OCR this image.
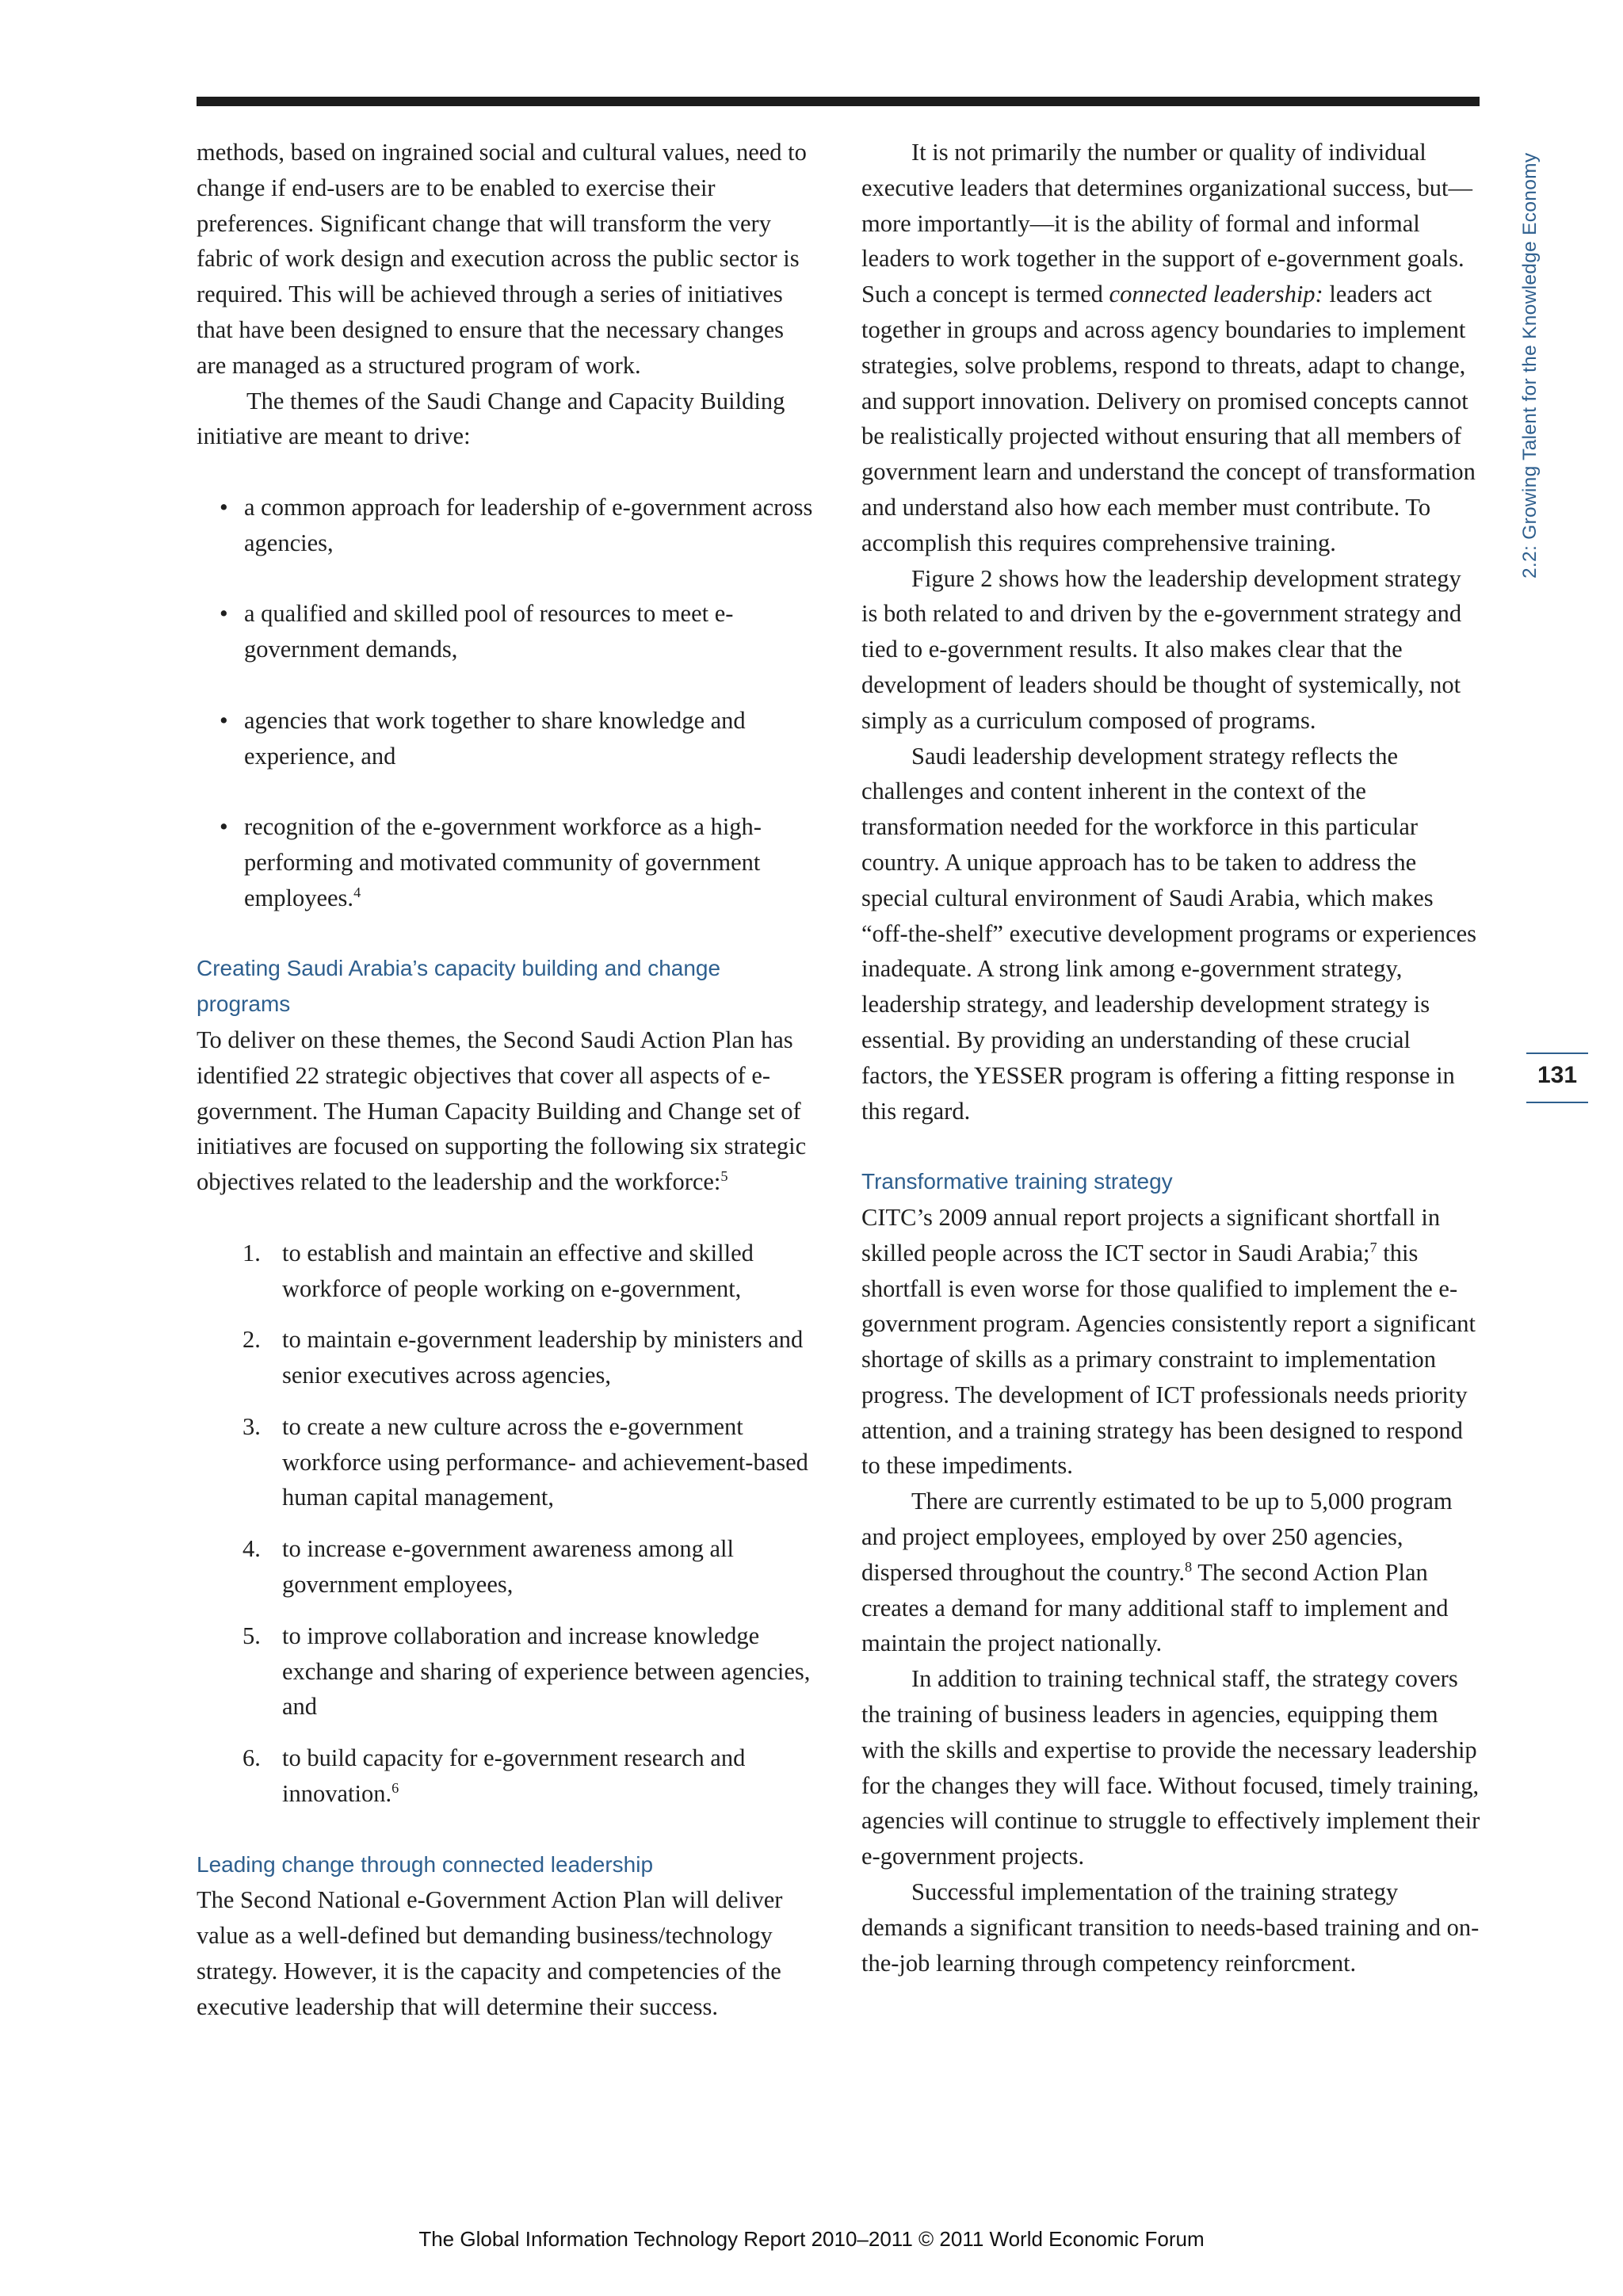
methods, based on ingrained social and cultural values, need to change if end-users are to be enabled to exercise their preferences. Significant change that will transform the very fabric of work design and execution across the public sector is required. This will be achieved through a series of initiatives that have been designed to ensure that the necessary changes are managed as a structured program of work.

The themes of the Saudi Change and Capacity Building initiative are meant to drive:

• a common approach for leadership of e-government across agencies,
• a qualified and skilled pool of resources to meet e-government demands,
• agencies that work together to share knowledge and experience, and
• recognition of the e-government workforce as a high-performing and motivated community of government employees.$^4$

Creating Saudi Arabia’s capacity building and change programs

To deliver on these themes, the Second Saudi Action Plan has identified 22 strategic objectives that cover all aspects of e-government. The Human Capacity Building and Change set of initiatives are focused on supporting the following six strategic objectives related to the leadership and the workforce:$^5$

1. to establish and maintain an effective and skilled workforce of people working on e-government,
2. to maintain e-government leadership by ministers and senior executives across agencies,
3. to create a new culture across the e-government workforce using performance- and achievement-based human capital management,
4. to increase e-government awareness among all government employees,
5. to improve collaboration and increase knowledge exchange and sharing of experience between agencies, and
6. to build capacity for e-government research and innovation.$^6$

Leading change through connected leadership

The Second National e-Government Action Plan will deliver value as a well-defined but demanding business/technology strategy. However, it is the capacity and competencies of the executive leadership that will determine their success.

It is not primarily the number or quality of individual executive leaders that determines organizational success, but—more importantly—it is the ability of formal and informal leaders to work together in the support of e-government goals. Such a concept is termed connected leadership: leaders act together in groups and across agency boundaries to implement strategies, solve problems, respond to threats, adapt to change, and support innovation. Delivery on promised concepts cannot be realistically projected without ensuring that all members of government learn and understand the concept of transformation and understand also how each member must contribute. To accomplish this requires comprehensive training.

Figure 2 shows how the leadership development strategy is both related to and driven by the e-government strategy and tied to e-government results. It also makes clear that the development of leaders should be thought of systemically, not simply as a curriculum composed of programs.

Saudi leadership development strategy reflects the challenges and content inherent in the context of the transformation needed for the workforce in this particular country. A unique approach has to be taken to address the special cultural environment of Saudi Arabia, which makes “off-the-shelf” executive development programs or experiences inadequate. A strong link among e-government strategy, leadership strategy, and leadership development strategy is essential. By providing an understanding of these crucial factors, the YESSER program is offering a fitting response in this regard.

Transformative training strategy

CITC’s 2009 annual report projects a significant shortfall in skilled people across the ICT sector in Saudi Arabia;$^7$ this shortfall is even worse for those qualified to implement the e-government program. Agencies consistently report a significant shortage of skills as a primary constraint to implementation progress. The development of ICT professionals needs priority attention, and a training strategy has been designed to respond to these impediments.

There are currently estimated to be up to 5,000 program and project employees, employed by over 250 agencies, dispersed throughout the country.$^8$ The second Action Plan creates a demand for many additional staff to implement and maintain the project nationally.

In addition to training technical staff, the strategy covers the training of business leaders in agencies, equipping them with the skills and expertise to provide the necessary leadership for the changes they will face. Without focused, timely training, agencies will continue to struggle to effectively implement their e-government projects.

Successful implementation of the training strategy demands a significant transition to needs-based training and on-the-job learning through competency reinforcment.

2.2: Growing Talent for the Knowledge Economy
131
The Global Information Technology Report 2010–2011 © 2011 World Economic Forum
